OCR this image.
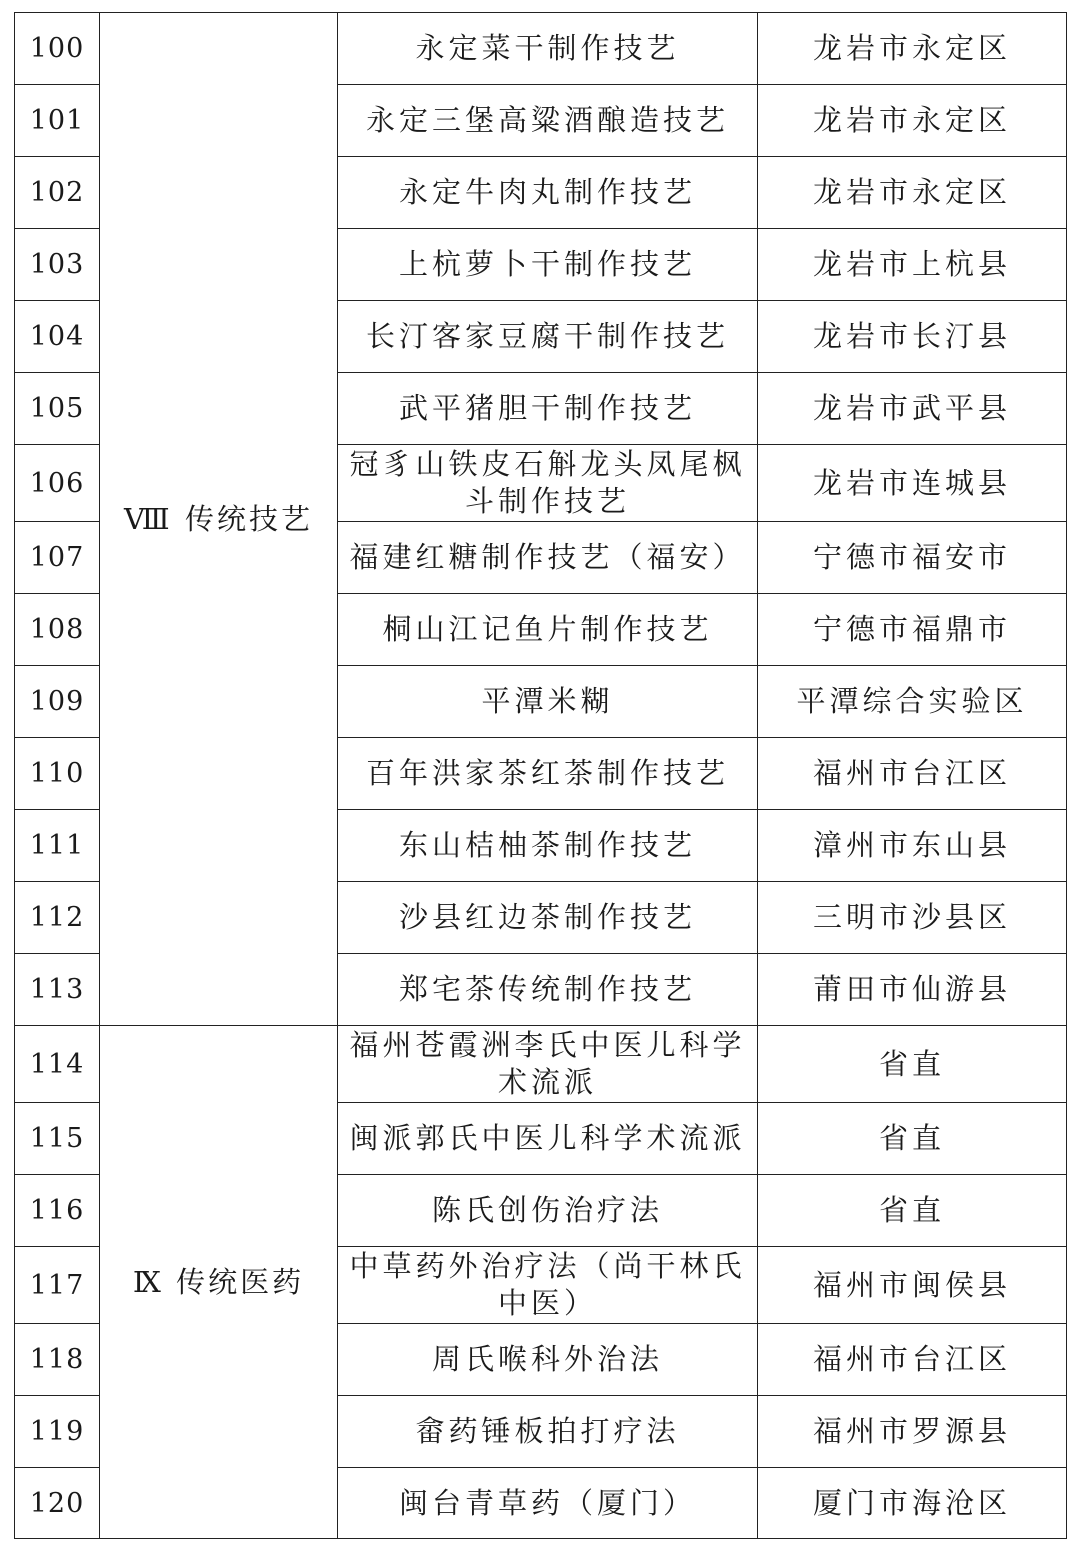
100	Ⅷ 传统技艺	永定菜干制作技艺	龙岩市永定区
101		永定三堡高粱酒酿造技艺	龙岩市永定区
102		永定牛肉丸制作技艺	龙岩市永定区
103		上杭萝卜干制作技艺	龙岩市上杭县
104		长汀客家豆腐干制作技艺	龙岩市长汀县
105		武平猪胆干制作技艺	龙岩市武平县
106		冠豸山铁皮石斛龙头凤尾枫斗制作技艺	龙岩市连城县
107		福建红糖制作技艺（福安）	宁德市福安市
108		桐山江记鱼片制作技艺	宁德市福鼎市
109		平潭米糊	平潭综合实验区
110		百年洪家茶红茶制作技艺	福州市台江区
111		东山桔柚茶制作技艺	漳州市东山县
112		沙县红边茶制作技艺	三明市沙县区
113		郑宅茶传统制作技艺	莆田市仙游县
114	Ⅸ 传统医药	福州苍霞洲李氏中医儿科学术流派	省直
115		闽派郭氏中医儿科学术流派	省直
116		陈氏创伤治疗法	省直
117		中草药外治疗法（尚干林氏中医）	福州市闽侯县
118		周氏喉科外治法	福州市台江区
119		畲药锤板拍打疗法	福州市罗源县
120		闽台青草药（厦门）	厦门市海沧区
